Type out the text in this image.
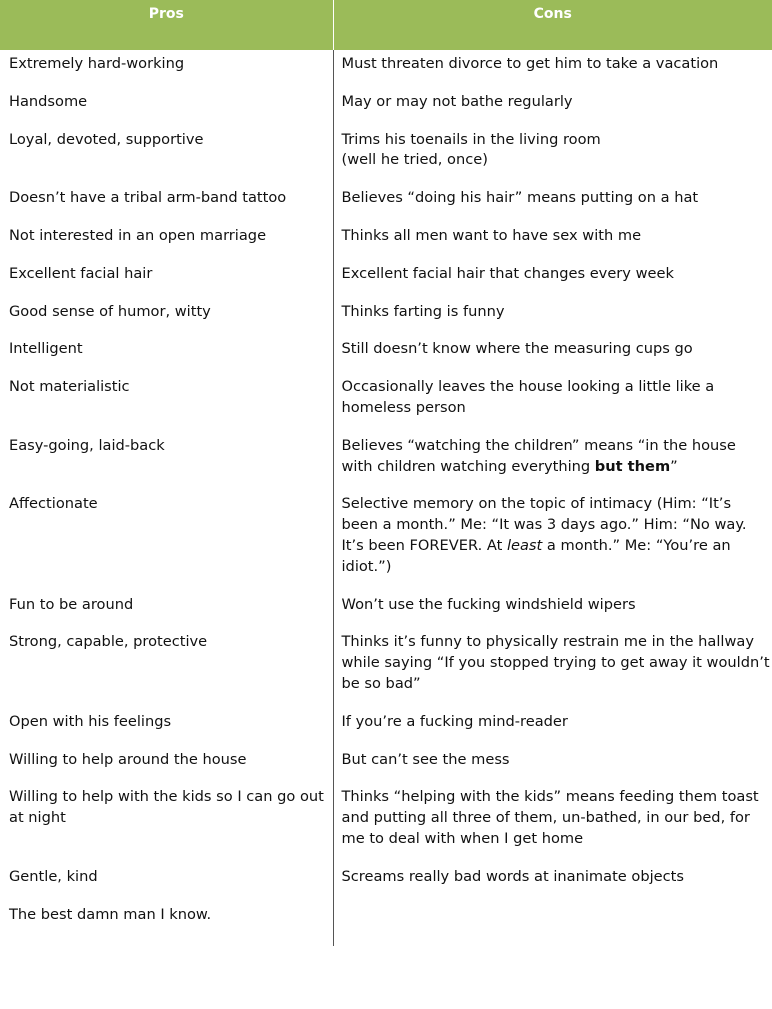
Pros	Cons
Extremely hard-working	Must threaten divorce to get him to take a vacation
Handsome	May or may not bathe regularly
Loyal, devoted, supportive	Trims his toenails in the living room
(well he tried, once)
Doesn’t have a tribal arm-band tattoo	Believes “doing his hair” means putting on a hat
Not interested in an open marriage	Thinks all men want to have sex with me
Excellent facial hair	Excellent facial hair that changes every week
Good sense of humor, witty	Thinks farting is funny
Intelligent	Still doesn’t know where the measuring cups go
Not materialistic	Occasionally leaves the house looking a little like a homeless person
Easy-going, laid-back	Believes “watching the children” means “in the house with children watching everything but them”
Affectionate	Selective memory on the topic of intimacy (Him: “It’s been a month.” Me: “It was 3 days ago.” Him: “No way. It’s been FOREVER. At least a month.” Me: “You’re an idiot.”)
Fun to be around	Won’t use the fucking windshield wipers
Strong, capable, protective	Thinks it’s funny to physically restrain me in the hallway while saying “If you stopped trying to get away it wouldn’t be so bad”
Open with his feelings	If you’re a fucking mind-reader
Willing to help around the house	But can’t see the mess
Willing to help with the kids so I can go out at night	Thinks “helping with the kids” means feeding them toast and putting all three of them, un-bathed, in our bed, for me to deal with when I get home
Gentle, kind	Screams really bad words at inanimate objects
The best damn man I know.	
